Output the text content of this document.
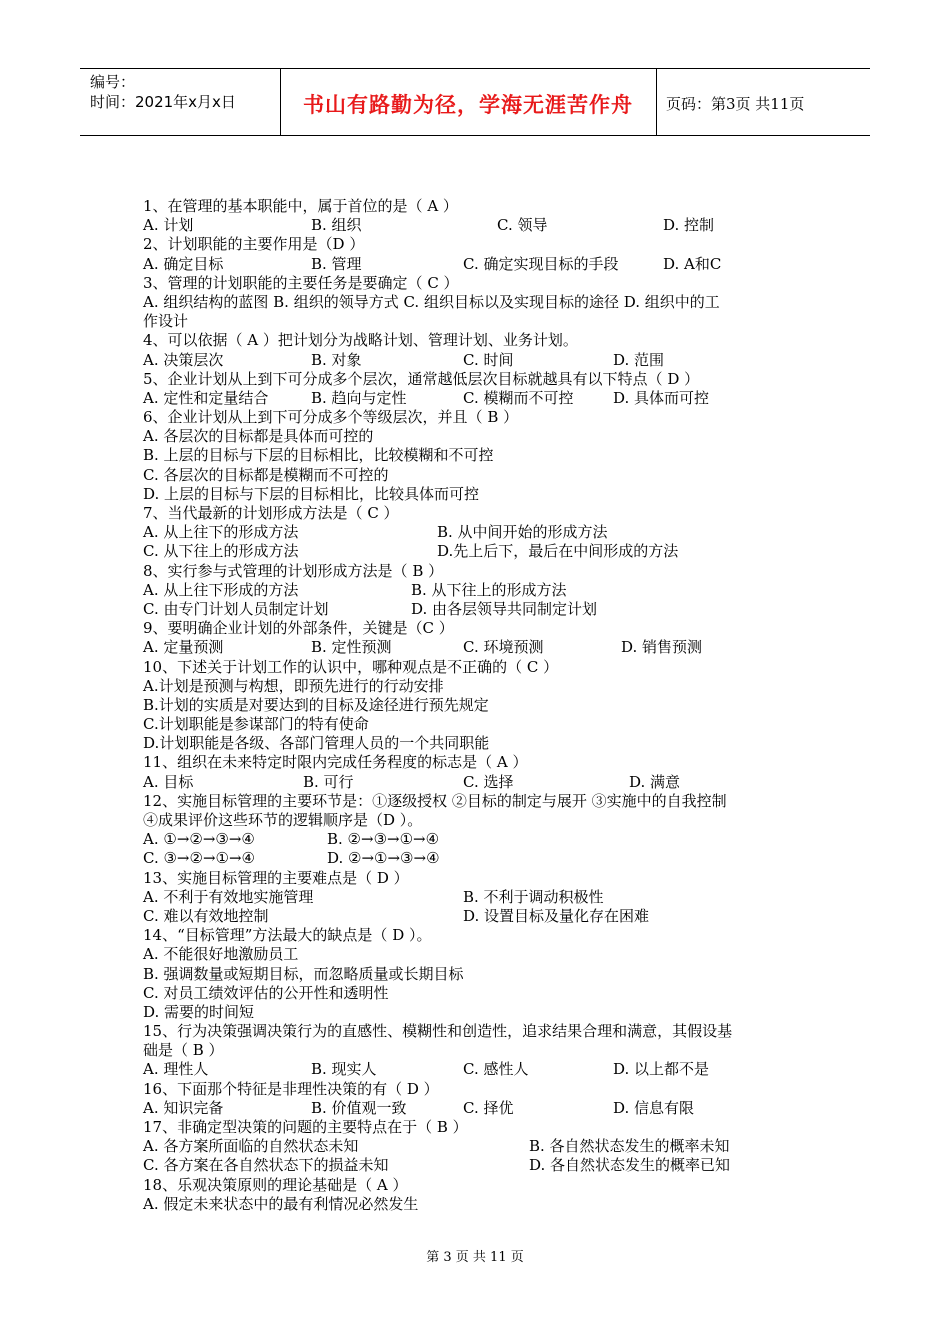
编号：
时间：2021年x月x日	书山有路勤为径，学海无涯苦作舟	页码：第3页 共11页
1、在管理的基本职能中，属于首位的是（ A ）
A. 计划	B. 组织	C. 领导	D. 控制
2、计划职能的主要作用是（D ）
A. 确定目标	B. 管理	C. 确定实现目标的手段	D. A和C
3、管理的计划职能的主要任务是要确定（ C ）
A. 组织结构的蓝图 B. 组织的领导方式 C. 组织目标以及实现目标的途径 D. 组织中的工
作设计
4、可以依据（ A ）把计划分为战略计划、管理计划、业务计划。
A. 决策层次	B. 对象	C. 时间	D. 范围
5、企业计划从上到下可分成多个层次，通常越低层次目标就越具有以下特点（ D ）
A. 定性和定量结合	B. 趋向与定性	C. 模糊而不可控	D. 具体而可控
6、企业计划从上到下可分成多个等级层次，并且（ B ）
A. 各层次的目标都是具体而可控的
B. 上层的目标与下层的目标相比，比较模糊和不可控
C. 各层次的目标都是模糊而不可控的
D. 上层的目标与下层的目标相比，比较具体而可控
7、当代最新的计划形成方法是（ C ）
A. 从上往下的形成方法	B. 从中间开始的形成方法
C. 从下往上的形成方法	D.先上后下，最后在中间形成的方法
8、实行参与式管理的计划形成方法是（ B ）
A. 从上往下形成的方法	B. 从下往上的形成方法
C. 由专门计划人员制定计划	D. 由各层领导共同制定计划
9、要明确企业计划的外部条件，关键是（C ）
A. 定量预测	B. 定性预测	C. 环境预测	D. 销售预测
10、下述关于计划工作的认识中，哪种观点是不正确的（ C ）
A.计划是预测与构想，即预先进行的行动安排
B.计划的实质是对要达到的目标及途径进行预先规定
C.计划职能是参谋部门的特有使命
D.计划职能是各级、各部门管理人员的一个共同职能
11、组织在未来特定时限内完成任务程度的标志是（ A ）
A. 目标	B. 可行	C. 选择	D. 满意
12、实施目标管理的主要环节是：①逐级授权 ②目标的制定与展开 ③实施中的自我控制
④成果评价这些环节的逻辑顺序是（D ）。
A. ①→②→③→④	B. ②→③→①→④
C. ③→②→①→④	D. ②→①→③→④
13、实施目标管理的主要难点是（ D ）
A. 不利于有效地实施管理	B. 不利于调动积极性
C. 难以有效地控制	D. 设置目标及量化存在困难
14、“目标管理”方法最大的缺点是（ D ）。
A. 不能很好地激励员工
B. 强调数量或短期目标，而忽略质量或长期目标
C. 对员工绩效评估的公开性和透明性
D. 需要的时间短
15、行为决策强调决策行为的直感性、模糊性和创造性，追求结果合理和满意，其假设基
础是（ B ）
A. 理性人	B. 现实人	C. 感性人	D. 以上都不是
16、下面那个特征是非理性决策的有（ D ）
A. 知识完备	B. 价值观一致	C. 择优	D. 信息有限
17、非确定型决策的问题的主要特点在于（ B ）
A. 各方案所面临的自然状态未知	B. 各自然状态发生的概率未知
C. 各方案在各自然状态下的损益未知	D. 各自然状态发生的概率已知
18、乐观决策原则的理论基础是（ A ）
A. 假定未来状态中的最有利情况必然发生
第 3 页 共 11 页
